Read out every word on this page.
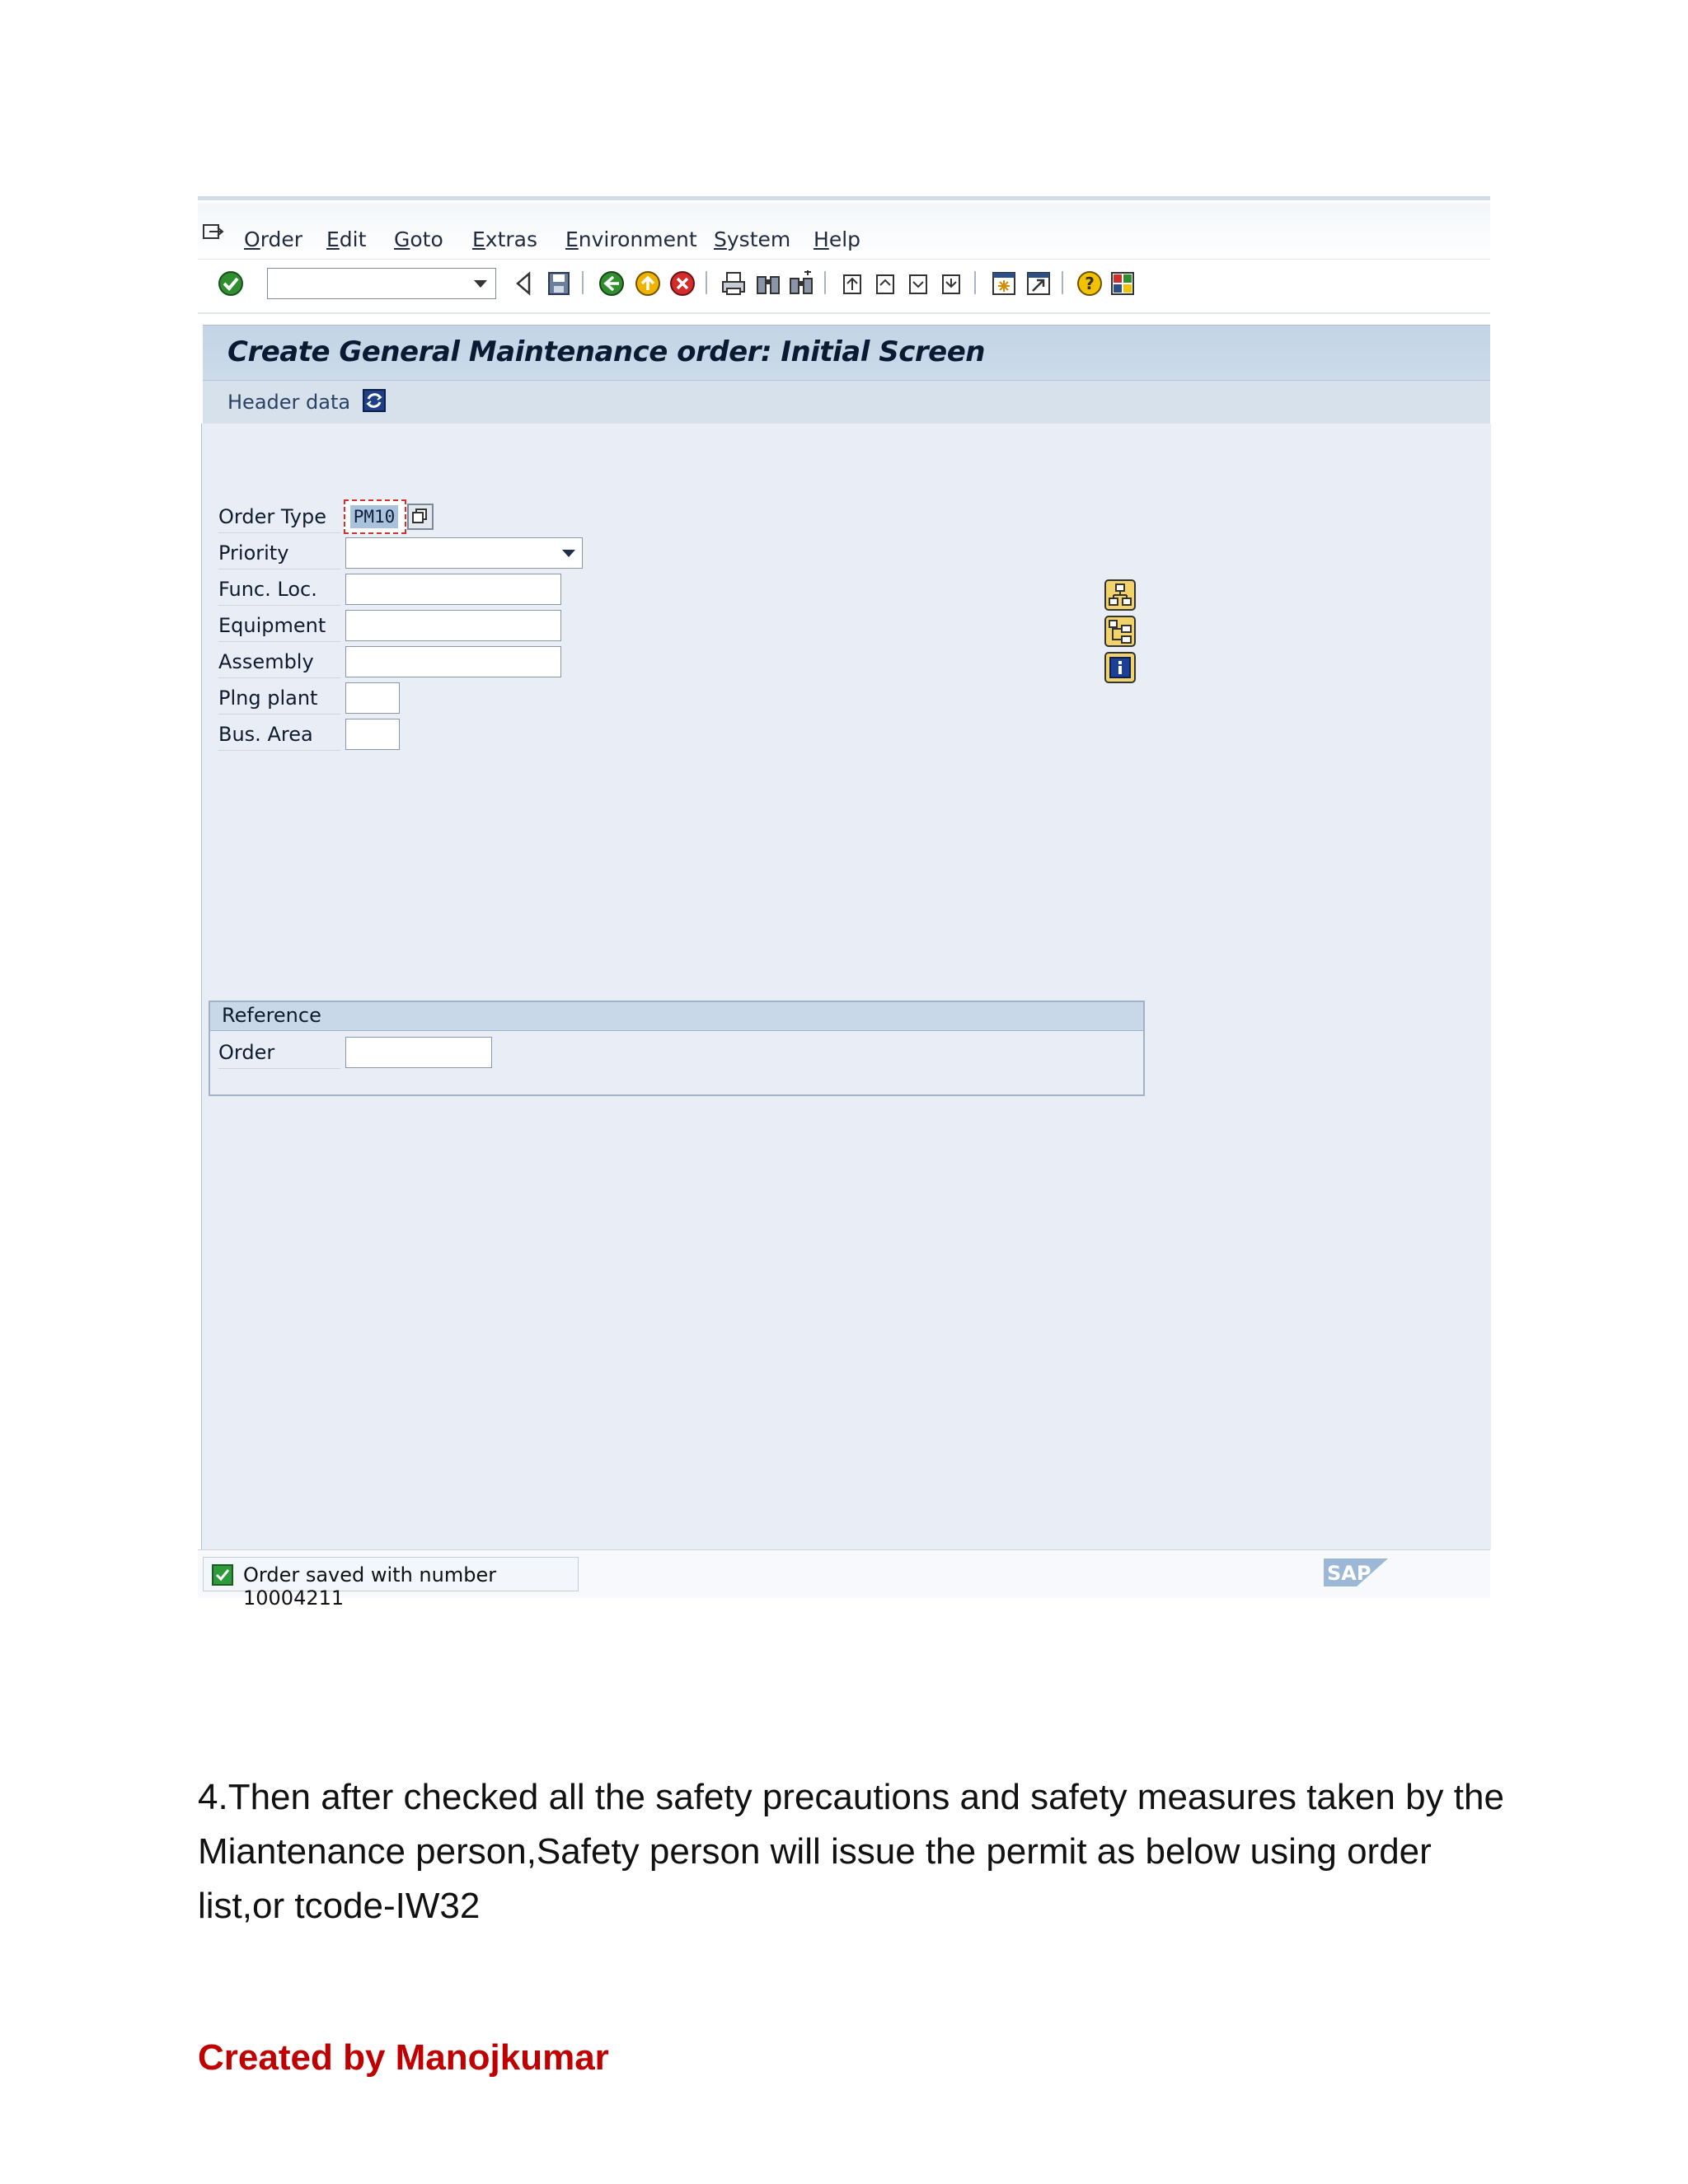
Order Edit Goto Extras Environment System Help
?
Create General Maintenance order: Initial Screen
Header data
Order Type	PM10
Priority
Func. Loc.
Equipment
Assembly
Plng plant
Bus. Area
Reference
Order
Order saved with number 10004211
SAP
4.Then after checked all the safety precautions and safety measures taken by the
Miantenance person,Safety person will issue the permit as below using order
list,or tcode-IW32
Created by Manojkumar
